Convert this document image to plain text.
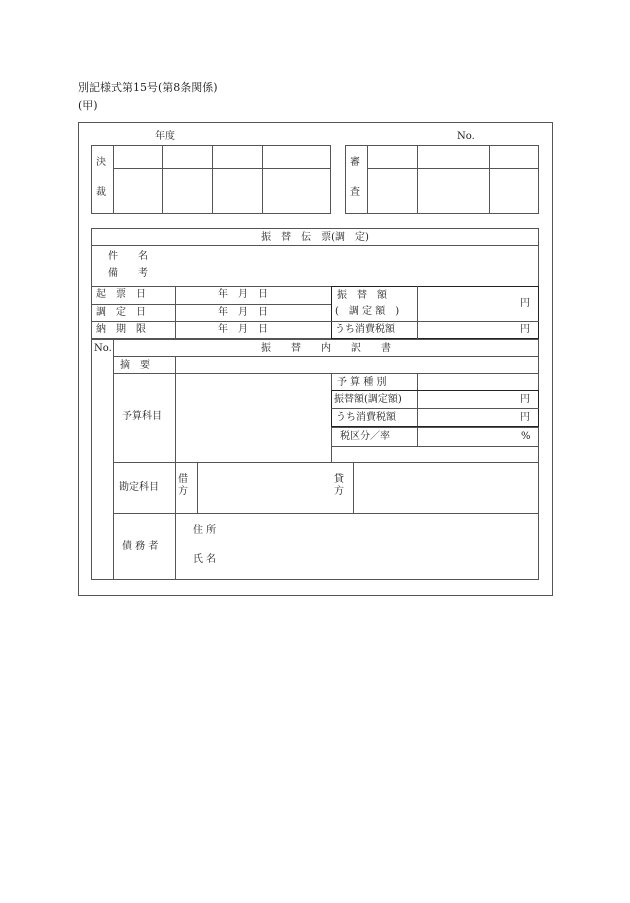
別記様式第15号(第8条関係)
(甲)
年度	No.
決
裁
審
査
振　替　伝　票(調　定)
件　　名
備　　考
起　票　日
調　定　日
納　期　限
年　月　日
年　月　日
年　月　日
振　替　額
(　調 定 額　)
うち消費税額
円
円
No.	振　　替　　内　　訳　　書
摘　要
予算科目
予 算 種 別
振替額(調定額)
うち消費税額
税区分／率
円
円
%
勘定科目
借方
貸方
債 務 者
住 所
氏 名
